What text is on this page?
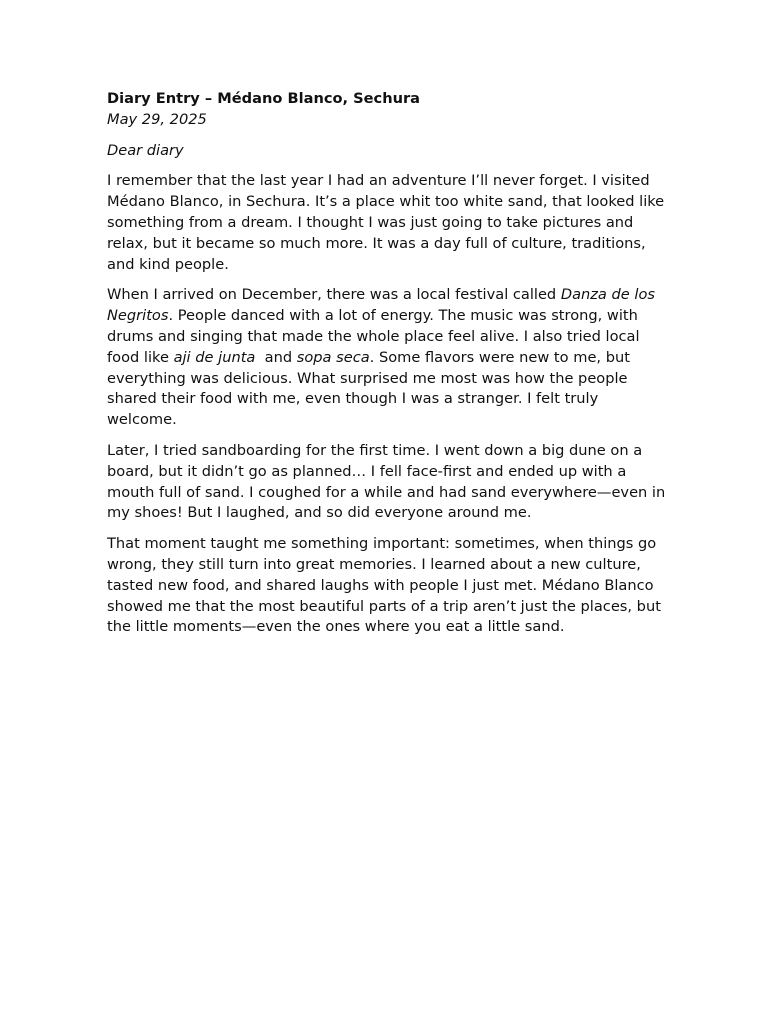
Diary Entry – Médano Blanco, Sechura
May 29, 2025
Dear diary

I remember that the last year I had an adventure I’ll never forget. I visited Médano Blanco, in Sechura. It’s a place whit too white sand, that looked like something from a dream. I thought I was just going to take pictures and relax, but it became so much more. It was a day full of culture, traditions, and kind people.

When I arrived on December, there was a local festival called Danza de los Negritos. People danced with a lot of energy. The music was strong, with drums and singing that made the whole place feel alive. I also tried local food like aji de junta  and sopa seca. Some flavors were new to me, but everything was delicious. What surprised me most was how the people shared their food with me, even though I was a stranger. I felt truly welcome.

Later, I tried sandboarding for the first time. I went down a big dune on a board, but it didn’t go as planned… I fell face-first and ended up with a mouth full of sand. I coughed for a while and had sand everywhere—even in my shoes! But I laughed, and so did everyone around me.

That moment taught me something important: sometimes, when things go wrong, they still turn into great memories. I learned about a new culture, tasted new food, and shared laughs with people I just met. Médano Blanco showed me that the most beautiful parts of a trip aren’t just the places, but the little moments—even the ones where you eat a little sand.
